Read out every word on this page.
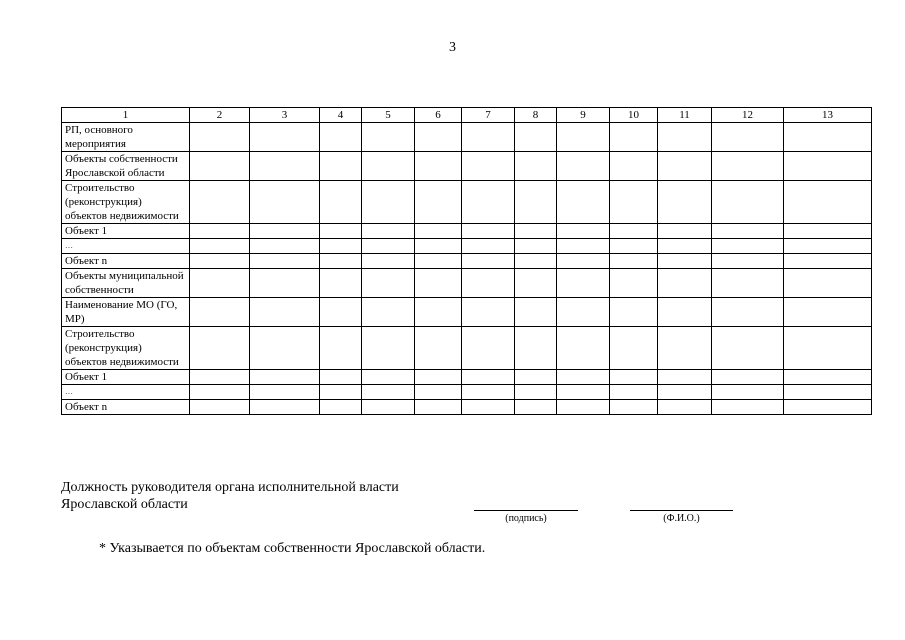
3
1	2	3	4	5	6	7	8	9	10	11	12	13
РП, основного мероприятия												
Объекты собственности Ярославской области												
Строительство (реконструкция) объектов недвижимости												
Объект 1												
…												
Объект n												
Объекты муниципальной собственности												
Наименование МО (ГО, МР)												
Строительство (реконструкция) объектов недвижимости												
Объект 1												
…												
Объект n												
Должность руководителя органа исполнительной власти
Ярославской области
(подпись)	(Ф.И.О.)
* Указывается по объектам собственности Ярославской области.
